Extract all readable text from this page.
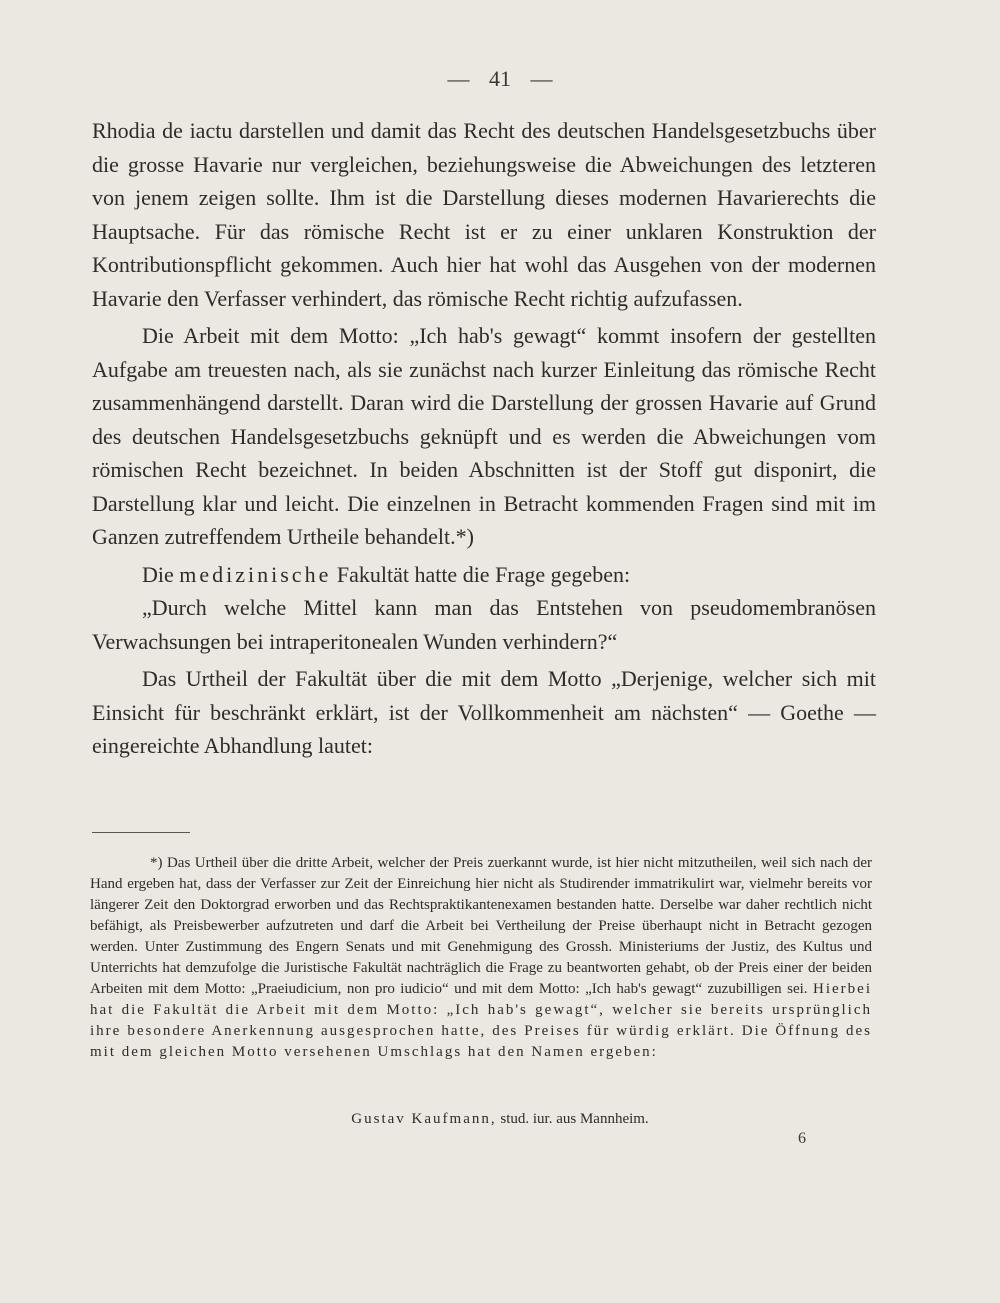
— 41 —

Rhodia de iactu darstellen und damit das Recht des deutschen Handelsgesetzbuchs über die grosse Havarie nur vergleichen, beziehungsweise die Abweichungen des letzteren von jenem zeigen sollte. Ihm ist die Darstellung dieses modernen Havarierechts die Hauptsache. Für das römische Recht ist er zu einer unklaren Konstruktion der Kontributionspflicht gekommen. Auch hier hat wohl das Ausgehen von der modernen Havarie den Verfasser verhindert, das römische Recht richtig aufzufassen.

Die Arbeit mit dem Motto: „Ich hab's gewagt“ kommt insofern der gestellten Aufgabe am treuesten nach, als sie zunächst nach kurzer Einleitung das römische Recht zusammenhängend darstellt. Daran wird die Darstellung der grossen Havarie auf Grund des deutschen Handelsgesetzbuchs geknüpft und es werden die Abweichungen vom römischen Recht bezeichnet. In beiden Abschnitten ist der Stoff gut disponirt, die Darstellung klar und leicht. Die einzelnen in Betracht kommenden Fragen sind mit im Ganzen zutreffendem Urtheile behandelt.*)

Die medizinische Fakultät hatte die Frage gegeben:

„Durch welche Mittel kann man das Entstehen von pseudomembranösen Verwachsungen bei intraperitonealen Wunden verhindern?“

Das Urtheil der Fakultät über die mit dem Motto „Derjenige, welcher sich mit Einsicht für beschränkt erklärt, ist der Vollkommenheit am nächsten“ — Goethe — eingereichte Abhandlung lautet:

*) Das Urtheil über die dritte Arbeit, welcher der Preis zuerkannt wurde, ist hier nicht mitzutheilen, weil sich nach der Hand ergeben hat, dass der Verfasser zur Zeit der Einreichung hier nicht als Studirender immatrikulirt war, vielmehr bereits vor längerer Zeit den Doktorgrad erworben und das Rechtspraktikantenexamen bestanden hatte. Derselbe war daher rechtlich nicht befähigt, als Preisbewerber aufzutreten und darf die Arbeit bei Vertheilung der Preise überhaupt nicht in Betracht gezogen werden. Unter Zustimmung des Engern Senats und mit Genehmigung des Grossh. Ministeriums der Justiz, des Kultus und Unterrichts hat demzufolge die Juristische Fakultät nachträglich die Frage zu beantworten gehabt, ob der Preis einer der beiden Arbeiten mit dem Motto: „Praeiudicium, non pro iudicio“ und mit dem Motto: „Ich hab's gewagt“ zuzubilligen sei. Hierbei hat die Fakultät die Arbeit mit dem Motto: „Ich hab's gewagt“, welcher sie bereits ursprünglich ihre besondere Anerkennung ausgesprochen hatte, des Preises für würdig erklärt. Die Öffnung des mit dem gleichen Motto versehenen Umschlags hat den Namen ergeben:

Gustav Kaufmann, stud. iur. aus Mannheim.
6
